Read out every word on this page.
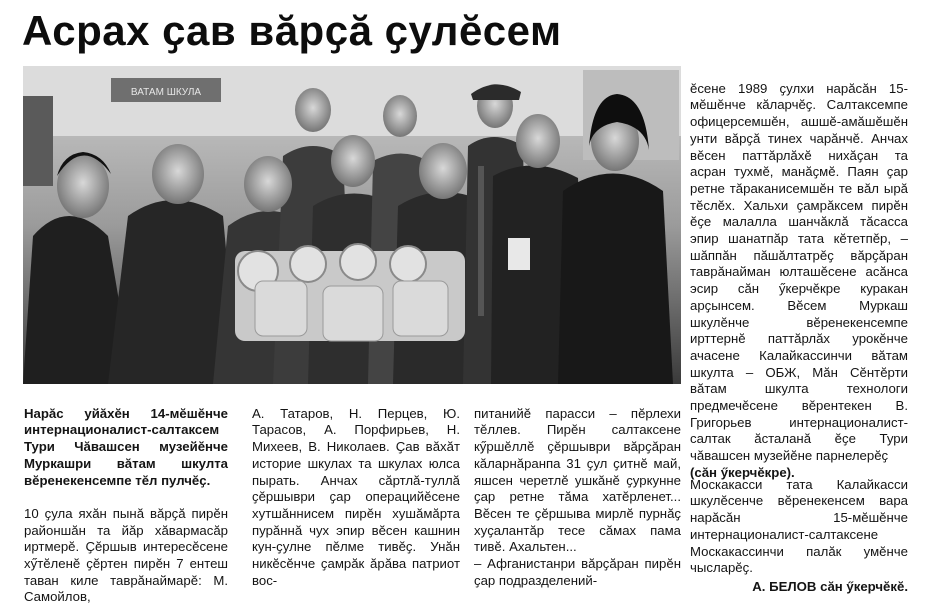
Асрах ҫав вӑрҫӑ ҫулӗсем
ВАТАМ ШКУЛА

Нарӑс уйӑхӗн 14-мӗшӗнче интернационалист-салтаксем Тури Чӑвашсен музейӗнче Муркашри вӑтам шкулта вӗренекенсемпе тӗл пулчӗҫ.

10 ҫула яхӑн пынӑ вӑрҫӑ пирӗн районшӑн та йӑр хӑвармасӑр иртмерӗ. Ҫӗршыв интересӗсене хӳтӗленӗ ҫӗртен пирӗн 7 ентеш таван киле таврӑнаймарӗ: М. Самойлов,

А. Татаров, Н. Перцев, Ю. Тарасов, А. Порфирьев, Н. Михеев, В. Николаев. Ҫав вӑхӑт историе шкулах та шкулах юлса пырать. Анчах сӑртлӑ-туллӑ ҫӗршыври ҫар операцийӗсене хутшӑннисем пирӗн хушӑмӑрта пурӑннӑ чух эпир вӗсен кашнин кун-ҫулне пӗлме тивӗҫ. Унӑн никӗсӗнче ҫамрӑк ӑрӑва патриот вос-

питанийӗ парасси – пӗрлехи тӗллев. Пирӗн салтаксене кӳршӗллӗ ҫӗршыври вӑрҫӑран кӑларнӑранпа 31 ҫул ҫитнӗ май, яшсен черетлӗ ушкӑнӗ ҫуркунне ҫар ретне тӑма хатӗрленет... Вӗсен те ҫӗршыва мирлӗ пурнӑҫ хуҫалантӑр тесе сӑмах пама тивӗ. Ахальтен...
– Афганистанри вӑрҫӑран пирӗн ҫар подразделений-

ӗсене 1989 ҫулхи нарӑсӑн 15-мӗшӗнче кӑларчӗҫ. Салтаксемпе офицерсемшӗн, ашшӗ-амӑшӗшӗн унти вӑрҫӑ тинех чарӑнчӗ. Анчах вӗсен паттӑрлӑхӗ нихӑҫан та асран тухмӗ, манӑҫмӗ. Паян ҫар ретне тӑраканисемшӗн те вӑл ырӑ тӗслӗх. Хальхи ҫамрӑксем пирӗн ӗҫе малалла шанчӑклӑ тӑсасса эпир шанатпӑр тата кӗтетпӗр, – шӑппӑн пӑшӑлтатрӗҫ вӑрҫӑран таврӑнайман юлташӗсене асӑнса эсир сӑн ӳкерчӗкре куракан арҫынсем. Вӗсем Муркаш шкулӗнче вӗренекенсемпе ирттернӗ паттӑрлӑх урокӗнче ачасене Калайкассинчи вӑтам шкулта – ОБЖ, Мӑн Сӗнтӗрти вӑтам шкулта технологи предмечӗсене вӗрентекен В. Григорьев интернационалист-салтак ӑсталанӑ ӗҫе Тури чӑвашсен музейӗне парнелерӗҫ
(сӑн ӳкерчӗкре).

Москакасси тата Калайкасси шкулӗсенче вӗренекенсем вара нарӑсӑн 15-мӗшӗнче интернационалист-салтаксене Москакассинчи палӑк умӗнче чысларӗҫ.

А. БЕЛОВ сӑн ӳкерчӗкӗ.
